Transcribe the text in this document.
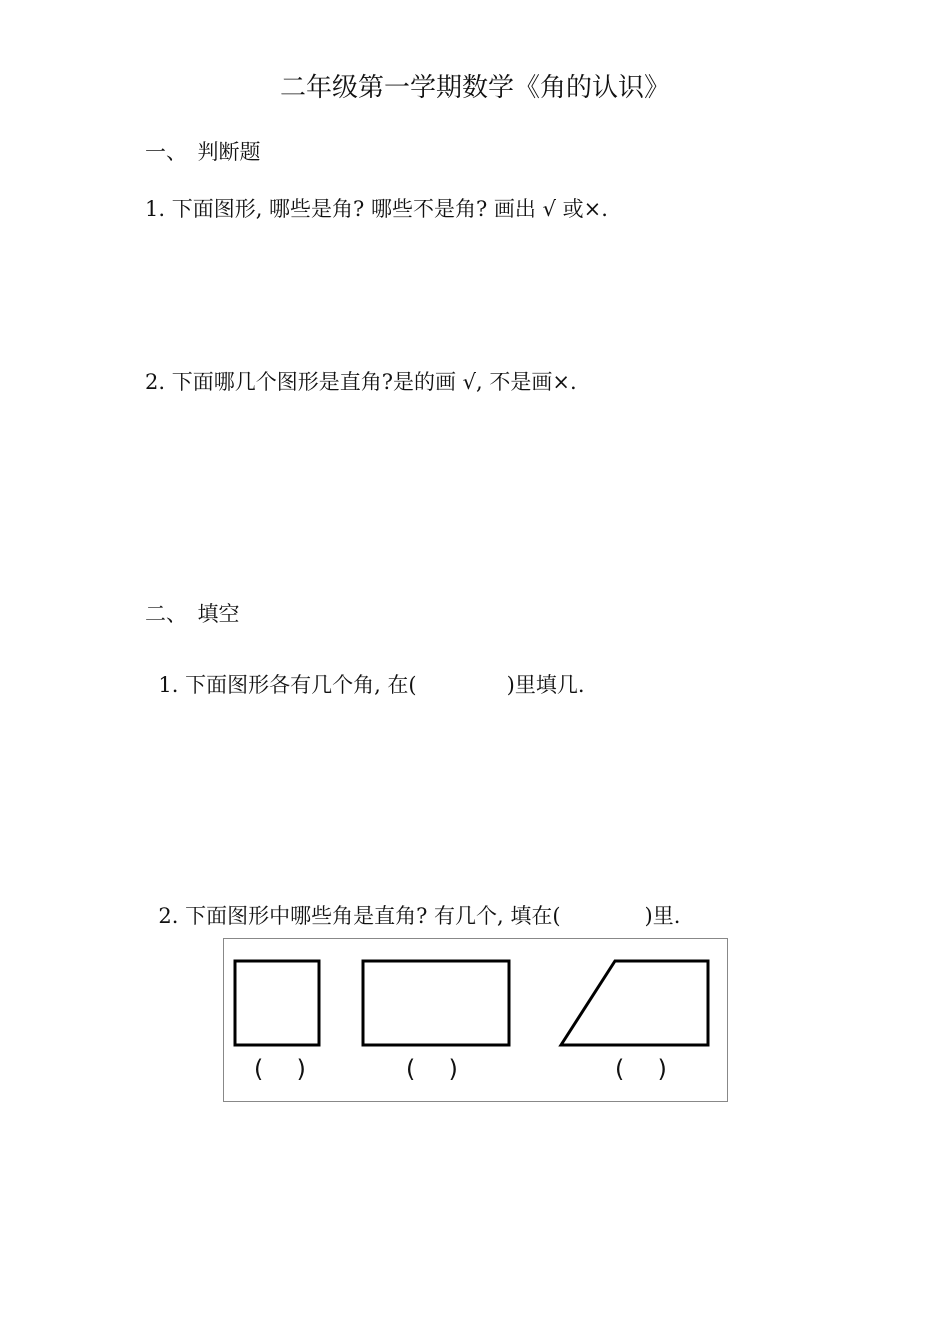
二年级第一学期数学《角的认识》
一、　判断题
1. 下面图形, 哪些是角? 哪些不是角? 画出 √ 或×.
2. 下面哪几个图形是直角?是的画 √, 不是画×.
二、　填空

1. 下面图形各有几个角, 在(	)里填几.

2. 下面图形中哪些角是直角? 有几个, 填在(	)里.

(  )	(  )	(  )
